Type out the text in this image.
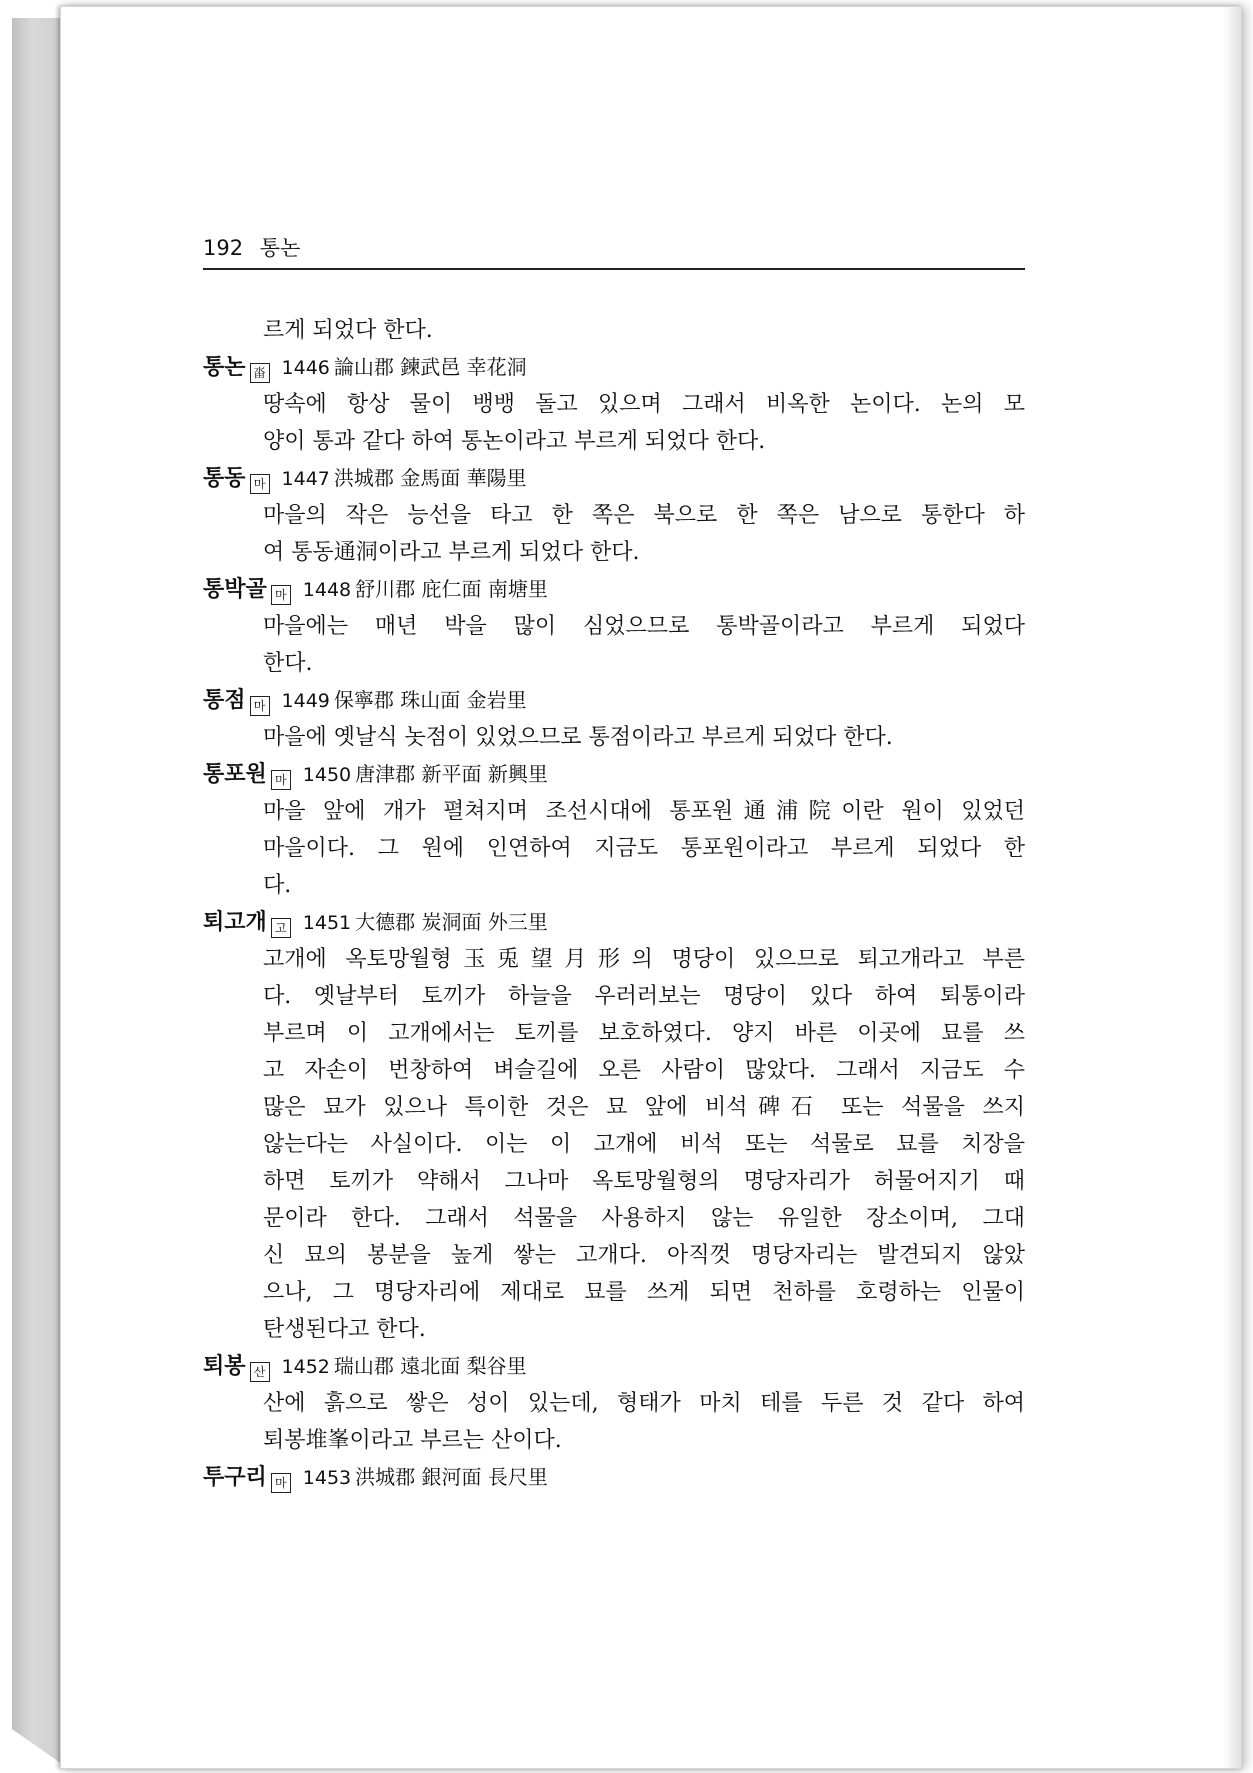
192 통논
르게 되었다 한다.
통논 畓 1446 論山郡 鍊武邑 幸花洞
땅속에 항상 물이 뱅뱅 돌고 있으며 그래서 비옥한 논이다. 논의 모
양이 통과 같다 하여 통논이라고 부르게 되었다 한다.
통동 마 1447 洪城郡 金馬面 華陽里
마을의 작은 능선을 타고 한 쪽은 북으로 한 쪽은 남으로 통한다 하
여 통동通洞이라고 부르게 되었다 한다.
통박골 마 1448 舒川郡 庇仁面 南塘里
마을에는 매년 박을 많이 심었으므로 통박골이라고 부르게 되었다
한다.
통점 마 1449 保寧郡 珠山面 金岩里
마을에 옛날식 놋점이 있었으므로 통점이라고 부르게 되었다 한다.
통포원 마 1450 唐津郡 新平面 新興里
마을 앞에 개가 펼쳐지며 조선시대에 통포원通浦院이란 원이 있었던
마을이다. 그 원에 인연하여 지금도 통포원이라고 부르게 되었다 한
다.
퇴고개 고 1451 大德郡 炭洞面 外三里
고개에 옥토망월형玉兎望月形의 명당이 있으므로 퇴고개라고 부른
다. 옛날부터 토끼가 하늘을 우러러보는 명당이 있다 하여 퇴통이라
부르며 이 고개에서는 토끼를 보호하였다. 양지 바른 이곳에 묘를 쓰
고 자손이 번창하여 벼슬길에 오른 사람이 많았다. 그래서 지금도 수
많은 묘가 있으나 특이한 것은 묘 앞에 비석碑石 또는 석물을 쓰지
않는다는 사실이다. 이는 이 고개에 비석 또는 석물로 묘를 치장을
하면 토끼가 약해서 그나마 옥토망월형의 명당자리가 허물어지기 때
문이라 한다. 그래서 석물을 사용하지 않는 유일한 장소이며, 그대
신 묘의 봉분을 높게 쌓는 고개다. 아직껏 명당자리는 발견되지 않았
으나, 그 명당자리에 제대로 묘를 쓰게 되면 천하를 호령하는 인물이
탄생된다고 한다.
퇴봉 산 1452 瑞山郡 遠北面 梨谷里
산에 흙으로 쌓은 성이 있는데, 형태가 마치 테를 두른 것 같다 하여
퇴봉堆峯이라고 부르는 산이다.
투구리 마 1453 洪城郡 銀河面 長尺里
